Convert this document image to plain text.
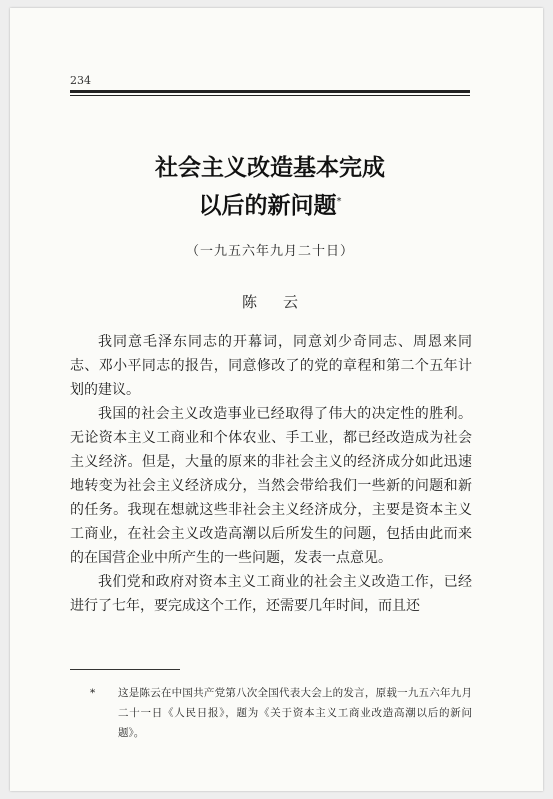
234
社会主义改造基本完成
以后的新问题*
（一九五六年九月二十日）
陈云

我同意毛泽东同志的开幕词，同意刘少奇同志、周恩来同志、邓小平同志的报告，同意修改了的党的章程和第二个五年计划的建议。

我国的社会主义改造事业已经取得了伟大的决定性的胜利。无论资本主义工商业和个体农业、手工业，都已经改造成为社会主义经济。但是，大量的原来的非社会主义的经济成分如此迅速地转变为社会主义经济成分，当然会带给我们一些新的问题和新的任务。我现在想就这些非社会主义经济成分，主要是资本主义工商业，在社会主义改造高潮以后所发生的问题，包括由此而来的在国营企业中所产生的一些问题，发表一点意见。

我们党和政府对资本主义工商业的社会主义改造工作，已经进行了七年，要完成这个工作，还需要几年时间，而且还

* 这是陈云在中国共产党第八次全国代表大会上的发言，原载一九五六年九月二十一日《人民日报》，题为《关于资本主义工商业改造高潮以后的新问题》。
